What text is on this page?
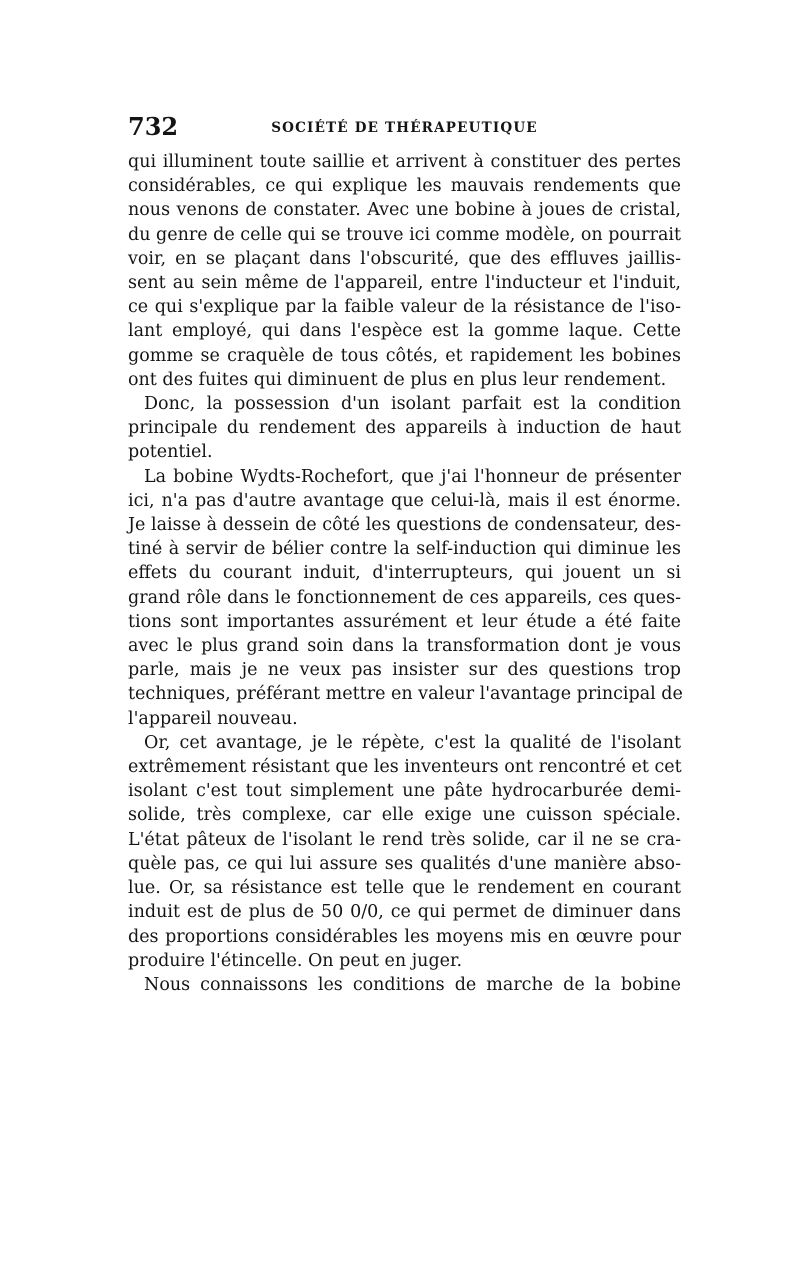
732	SOCIÉTÉ DE THÉRAPEUTIQUE
qui illuminent toute saillie et arrivent à constituer des pertes
considérables, ce qui explique les mauvais rendements que
nous venons de constater. Avec une bobine à joues de cristal,
du genre de celle qui se trouve ici comme modèle, on pourrait
voir, en se plaçant dans l'obscurité, que des effluves jaillis-
sent au sein même de l'appareil, entre l'inducteur et l'induit,
ce qui s'explique par la faible valeur de la résistance de l'iso-
lant employé, qui dans l'espèce est la gomme laque. Cette
gomme se craquèle de tous côtés, et rapidement les bobines
ont des fuites qui diminuent de plus en plus leur rendement.
Donc, la possession d'un isolant parfait est la condition
principale du rendement des appareils à induction de haut
potentiel.
La bobine Wydts-Rochefort, que j'ai l'honneur de présenter
ici, n'a pas d'autre avantage que celui-là, mais il est énorme.
Je laisse à dessein de côté les questions de condensateur, des-
tiné à servir de bélier contre la self-induction qui diminue les
effets du courant induit, d'interrupteurs, qui jouent un si
grand rôle dans le fonctionnement de ces appareils, ces ques-
tions sont importantes assurément et leur étude a été faite
avec le plus grand soin dans la transformation dont je vous
parle, mais je ne veux pas insister sur des questions trop
techniques, préférant mettre en valeur l'avantage principal de
l'appareil nouveau.
Or, cet avantage, je le répète, c'est la qualité de l'isolant
extrêmement résistant que les inventeurs ont rencontré et cet
isolant c'est tout simplement une pâte hydrocarburée demi-
solide, très complexe, car elle exige une cuisson spéciale.
L'état pâteux de l'isolant le rend très solide, car il ne se cra-
quèle pas, ce qui lui assure ses qualités d'une manière abso-
lue. Or, sa résistance est telle que le rendement en courant
induit est de plus de 50 0/0, ce qui permet de diminuer dans
des proportions considérables les moyens mis en œuvre pour
produire l'étincelle. On peut en juger.
Nous connaissons les conditions de marche de la bobine
